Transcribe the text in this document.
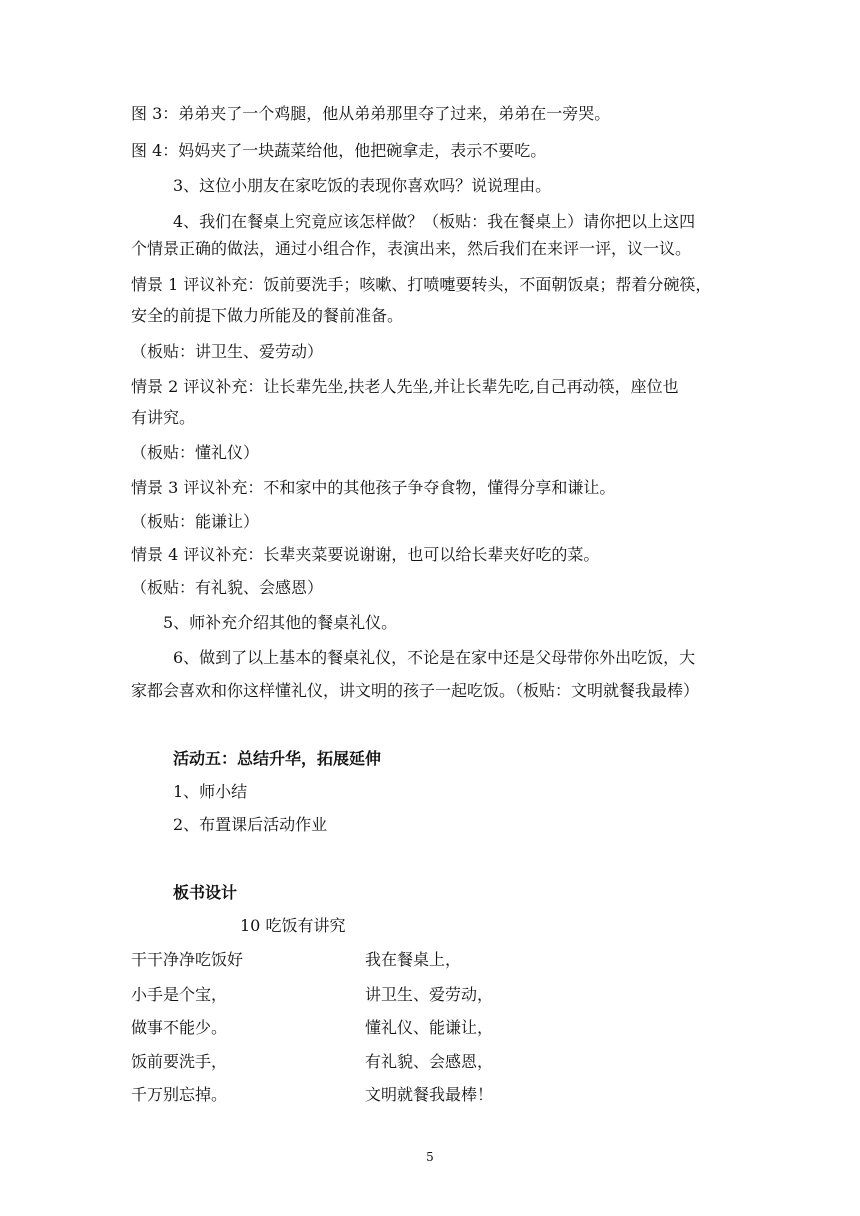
图 3：弟弟夹了一个鸡腿，他从弟弟那里夺了过来，弟弟在一旁哭。
图 4：妈妈夹了一块蔬菜给他，他把碗拿走，表示不要吃。
3、这位小朋友在家吃饭的表现你喜欢吗？说说理由。
4、我们在餐桌上究竟应该怎样做？（板贴：我在餐桌上）请你把以上这四
个情景正确的做法，通过小组合作，表演出来，然后我们在来评一评，议一议。
情景 1 评议补充：饭前要洗手；咳嗽、打喷嚏要转头，不面朝饭桌；帮着分碗筷，
安全的前提下做力所能及的餐前准备。
（板贴：讲卫生、爱劳动）
情景 2 评议补充：让长辈先坐,扶老人先坐,并让长辈先吃,自己再动筷，座位也
有讲究。
（板贴：懂礼仪）
情景 3 评议补充：不和家中的其他孩子争夺食物，懂得分享和谦让。
（板贴：能谦让）
情景 4 评议补充：长辈夹菜要说谢谢，也可以给长辈夹好吃的菜。
（板贴：有礼貌、会感恩）
5、师补充介绍其他的餐桌礼仪。
6、做到了以上基本的餐桌礼仪，不论是在家中还是父母带你外出吃饭，大
家都会喜欢和你这样懂礼仪，讲文明的孩子一起吃饭。（板贴：文明就餐我最棒）
活动五：总结升华，拓展延伸
1、师小结
2、布置课后活动作业
板书设计
10 吃饭有讲究
干干净净吃饭好
小手是个宝，
做事不能少。
饭前要洗手，
千万别忘掉。
我在餐桌上，
讲卫生、爱劳动，
懂礼仪、能谦让，
有礼貌、会感恩，
文明就餐我最棒！
5
